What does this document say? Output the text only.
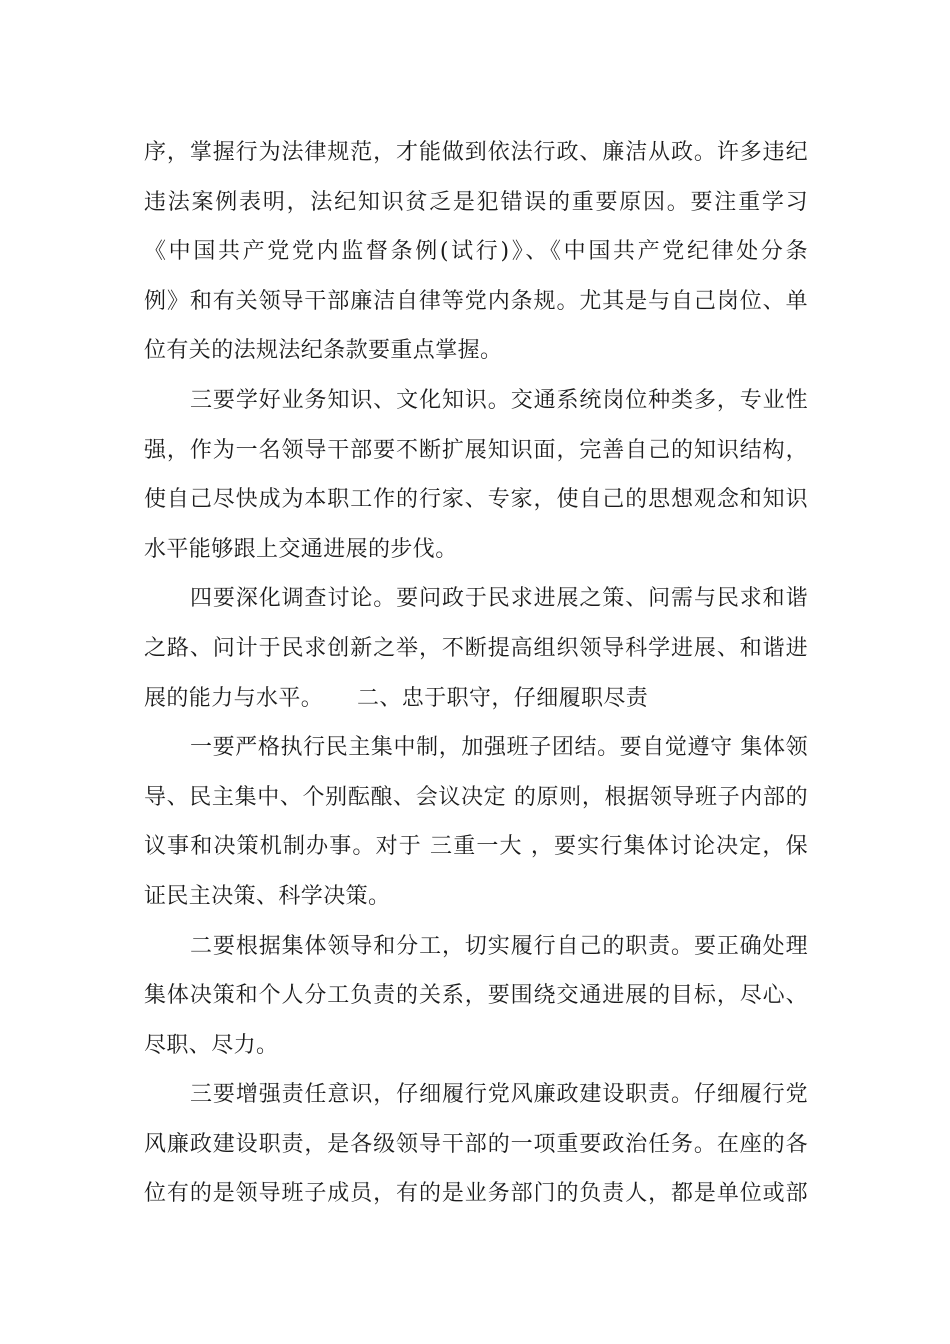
序，掌握行为法律规范，才能做到依法行政、廉洁从政。许多违纪
违法案例表明，法纪知识贫乏是犯错误的重要原因。要注重学习
《中国共产党党内监督条例(试行)》、《中国共产党纪律处分条
例》和有关领导干部廉洁自律等党内条规。尤其是与自己岗位、单
位有关的法规法纪条款要重点掌握。
三要学好业务知识、文化知识。交通系统岗位种类多，专业性
强，作为一名领导干部要不断扩展知识面，完善自己的知识结构，
使自己尽快成为本职工作的行家、专家，使自己的思想观念和知识
水平能够跟上交通进展的步伐。
四要深化调查讨论。要问政于民求进展之策、问需与民求和谐
之路、问计于民求创新之举，不断提高组织领导科学进展、和谐进
展的能力与水平。　　二、忠于职守，仔细履职尽责
一要严格执行民主集中制，加强班子团结。要自觉遵守 集体领
导、民主集中、个别酝酿、会议决定 的原则，根据领导班子内部的
议事和决策机制办事。对于 三重一大 ，要实行集体讨论决定，保
证民主决策、科学决策。
二要根据集体领导和分工，切实履行自己的职责。要正确处理
集体决策和个人分工负责的关系，要围绕交通进展的目标，尽心、
尽职、尽力。
三要增强责任意识，仔细履行党风廉政建设职责。仔细履行党
风廉政建设职责，是各级领导干部的一项重要政治任务。在座的各
位有的是领导班子成员，有的是业务部门的负责人，都是单位或部
